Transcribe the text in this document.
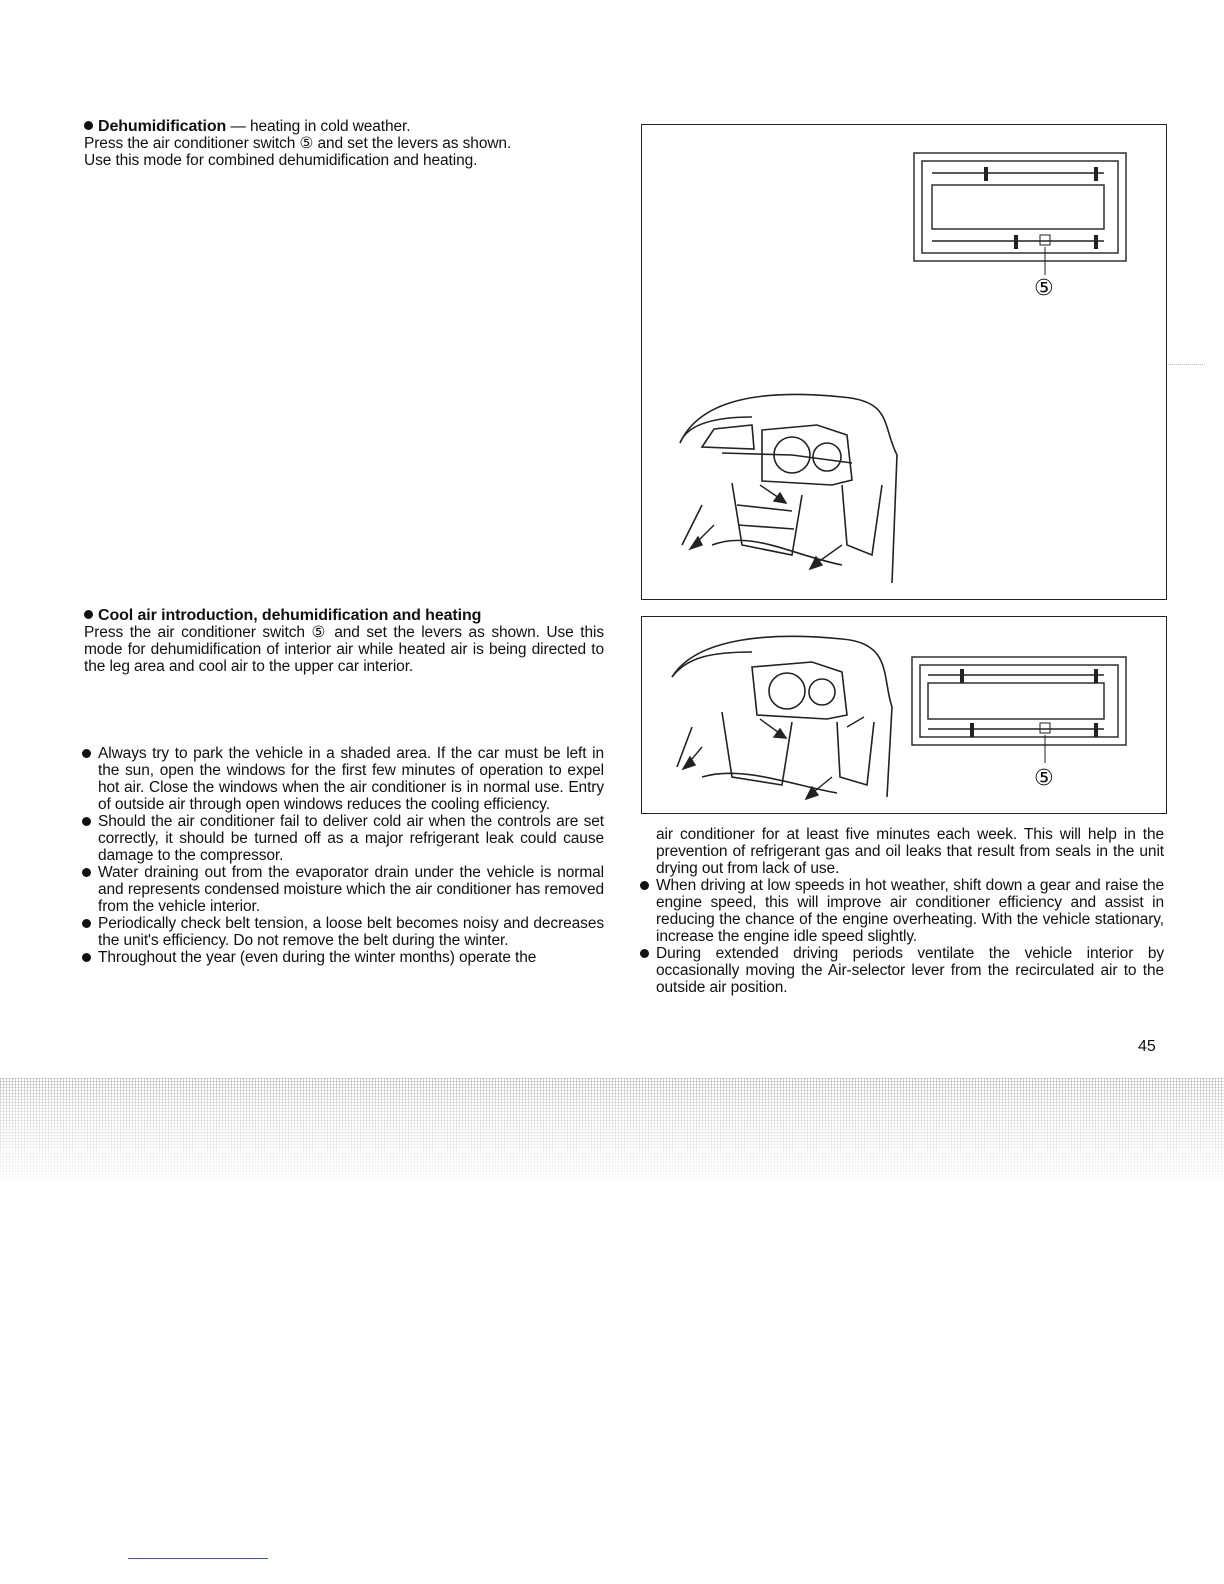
Dehumidification — heating in cold weather.
Press the air conditioner switch ⑤ and set the levers as shown.
Use this mode for combined dehumidification and heating.
Cool air introduction, dehumidification and heating

Press the air conditioner switch ⑤ and set the levers as shown. Use this mode for dehumidification of interior air while heated air is being directed to the leg area and cool air to the upper car interior.

Always try to park the vehicle in a shaded area. If the car must be left in the sun, open the windows for the first few minutes of operation to expel hot air. Close the windows when the air conditioner is in normal use. Entry of outside air through open windows reduces the cooling efficiency.
Should the air conditioner fail to deliver cold air when the controls are set correctly, it should be turned off as a major refrigerant leak could cause damage to the compressor.
Water draining out from the evaporator drain under the vehicle is normal and represents condensed moisture which the air conditioner has removed from the vehicle interior.
Periodically check belt tension, a loose belt becomes noisy and decreases the unit's efficiency. Do not remove the belt during the winter.
Throughout the year (even during the winter months) operate the
⑤
⑤

air conditioner for at least five minutes each week. This will help in the prevention of refrigerant gas and oil leaks that result from seals in the unit drying out from lack of use.

When driving at low speeds in hot weather, shift down a gear and raise the engine speed, this will improve air conditioner efficiency and assist in reducing the chance of the engine overheating. With the vehicle stationary, increase the engine idle speed slightly.
During extended driving periods ventilate the vehicle interior by occasionally moving the Air-selector lever from the recirculated air to the outside air position.
45
